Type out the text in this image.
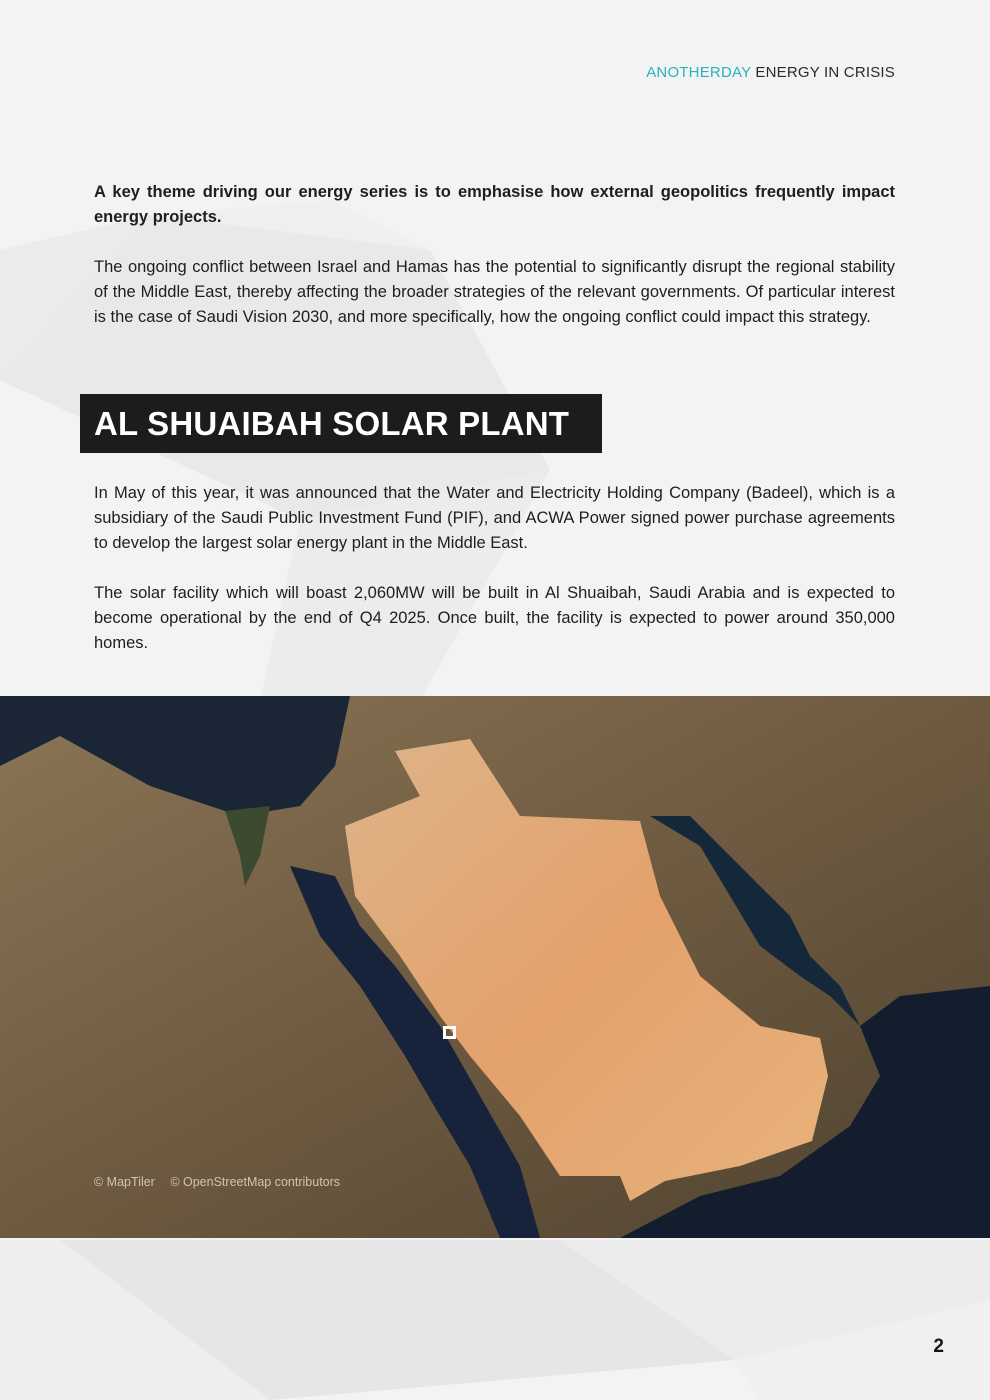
ANOTHERDAY ENERGY IN CRISIS

A key theme driving our energy series is to emphasise how external geopolitics frequently impact energy projects.

The ongoing conflict between Israel and Hamas has the potential to significantly disrupt the regional stability of the Middle East, thereby affecting the broader strategies of the relevant governments. Of particular interest is the case of Saudi Vision 2030, and more specifically, how the ongoing conflict could impact this strategy.

AL SHUAIBAH SOLAR PLANT

In May of this year, it was announced that the Water and Electricity Holding Company (Badeel), which is a subsidiary of the Saudi Public Investment Fund (PIF), and ACWA Power signed power purchase agreements to develop the largest solar energy plant in the Middle East.

The solar facility which will boast 2,060MW will be built in Al Shuaibah, Saudi Arabia and is expected to become operational by the end of Q4 2025. Once built, the facility is expected to power around 350,000 homes.

© MapTiler © OpenStreetMap contributors
2
